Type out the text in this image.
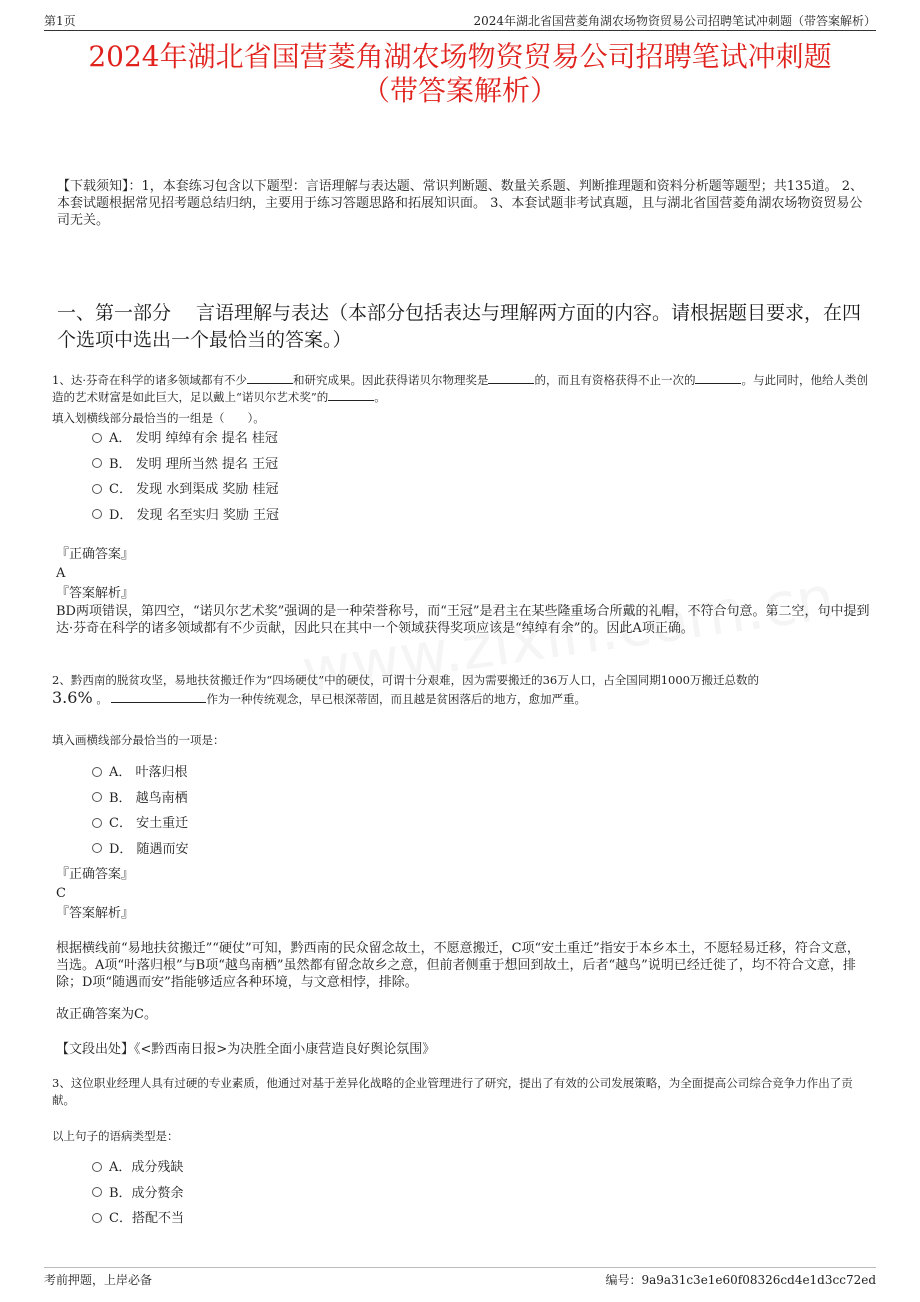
第1页	2024年湖北省国营菱角湖农场物资贸易公司招聘笔试冲刺题（带答案解析）
2024年湖北省国营菱角湖农场物资贸易公司招聘笔试冲刺题
（带答案解析）
【下载须知】：1，本套练习包含以下题型：言语理解与表达题、常识判断题、数量关系题、判断推理题和资料分析题等题型；共135道。 2、本套试题根据常见招考题总结归纳，主要用于练习答题思路和拓展知识面。 3、本套试题非考试真题，且与湖北省国营菱角湖农场物资贸易公司无关。
一、第一部分　 言语理解与表达（本部分包括表达与理解两方面的内容。请根据题目要求，在四个选项中选出一个最恰当的答案。）
1、达·芬奇在科学的诸多领域都有不少	和研究成果。因此获得诺贝尔物理奖是	的，而且有资格获得不止一次的	。与此同时，他给人类创造的艺术财富是如此巨大，足以戴上“诺贝尔艺术奖”的	。
填入划横线部分最恰当的一组是（　　）。
A． 发明 绰绰有余 提名 桂冠
B． 发明 理所当然 提名 王冠
C． 发现 水到渠成 奖励 桂冠
D． 发现 名至实归 奖励 王冠
『正确答案』
A
『答案解析』
BD两项错误，第四空，“诺贝尔艺术奖”强调的是一种荣誉称号，而“王冠”是君主在某些隆重场合所戴的礼帽，不符合句意。第二空，句中提到达·芬奇在科学的诸多领域都有不少贡献，因此只在其中一个领域获得奖项应该是“绰绰有余”的。因此A项正确。
2、黔西南的脱贫攻坚，易地扶贫搬迁作为“四场硬仗”中的硬仗，可谓十分艰难，因为需要搬迁的36万人口，占全国同期1000万搬迁总数的
3.6% 。	作为一种传统观念，早已根深蒂固，而且越是贫困落后的地方，愈加严重。
填入画横线部分最恰当的一项是：
A． 叶落归根
B． 越鸟南栖
C． 安土重迁
D． 随遇而安
『正确答案』
C
『答案解析』
根据横线前“易地扶贫搬迁”“硬仗”可知，黔西南的民众留念故土，不愿意搬迁，C项“安土重迁”指安于本乡本土，不愿轻易迁移，符合文意，当选。A项“叶落归根”与B项“越鸟南栖”虽然都有留念故乡之意，但前者侧重于想回到故土，后者“越鸟”说明已经迁徙了，均不符合文意，排除；D项“随遇而安”指能够适应各种环境，与文意相悖，排除。
故正确答案为C。
【文段出处】《<黔西南日报>为决胜全面小康营造良好舆论氛围》
3、这位职业经理人具有过硬的专业素质，他通过对基于差异化战略的企业管理进行了研究，提出了有效的公司发展策略，为全面提高公司综合竞争力作出了贡献。
以上句子的语病类型是：
A．成分残缺
B．成分赘余
C．搭配不当
考前押题，上岸必备	编号：9a9a31c3e1e60f08326cd4e1d3cc72ed
